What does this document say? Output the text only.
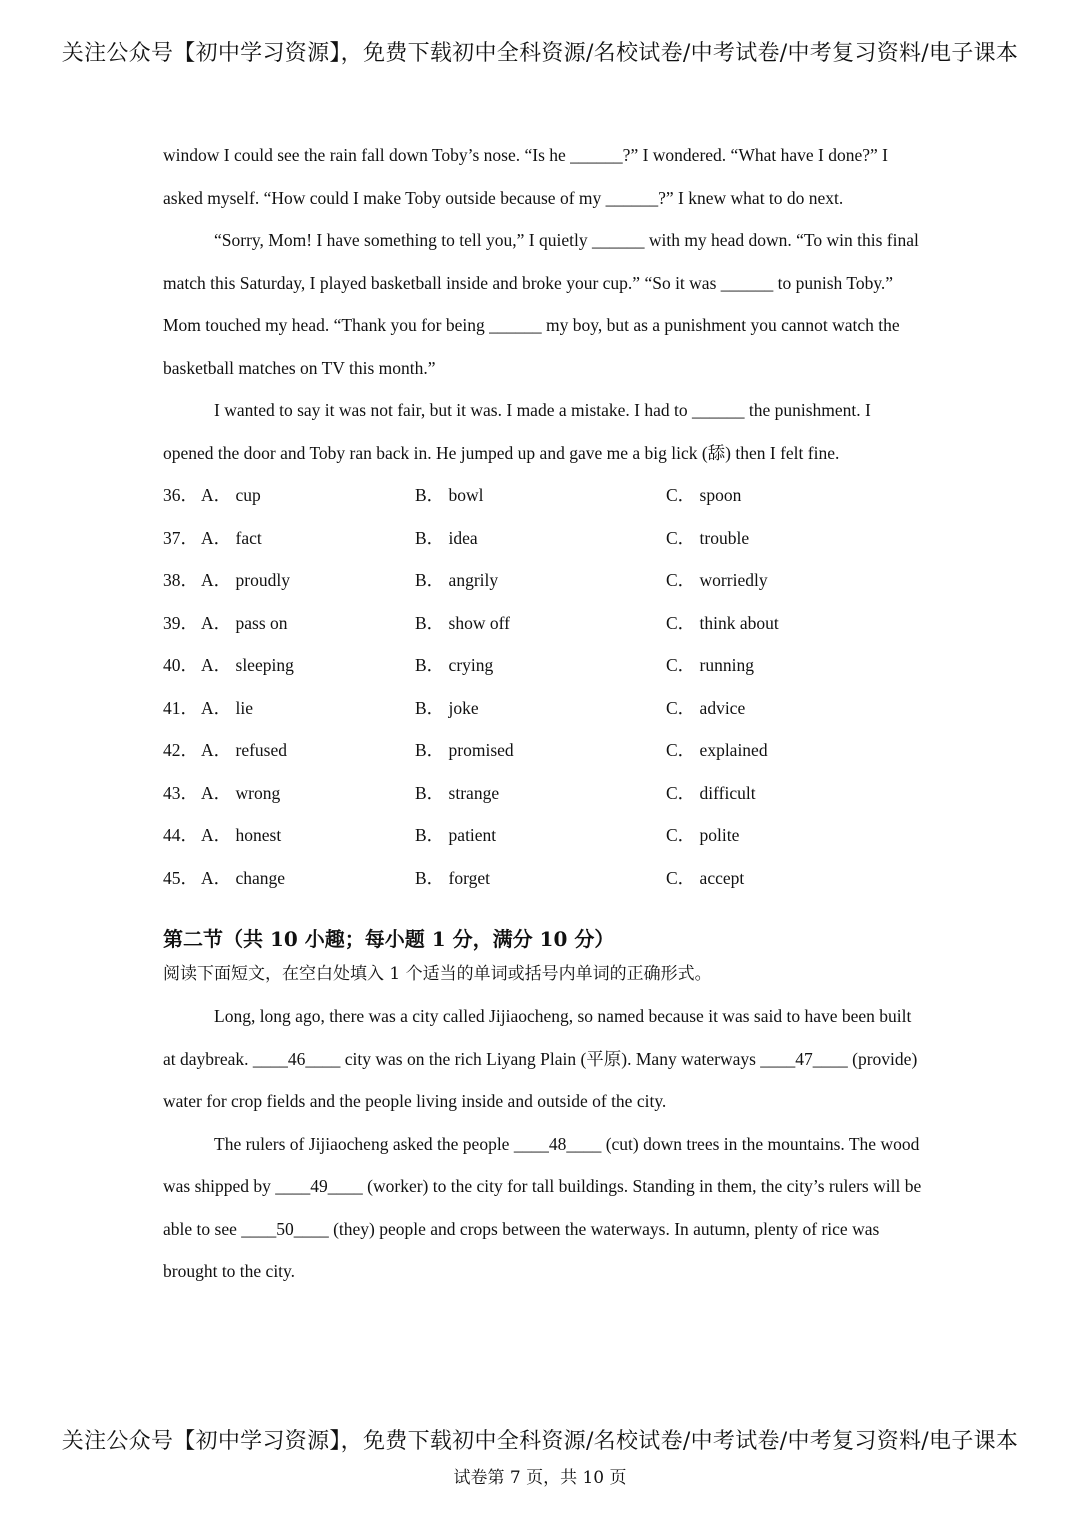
关注公众号【初中学习资源】，免费下载初中全科资源/名校试卷/中考试卷/中考复习资料/电子课本

window I could see the rain fall down Toby’s nose. “Is he ______?” I wondered. “What have I done?” I asked myself. “How could I make Toby outside because of my ______?” I knew what to do next.

“Sorry, Mom! I have something to tell you,” I quietly ______ with my head down. “To win this final match this Saturday, I played basketball inside and broke your cup.” “So it was ______ to punish Toby.” Mom touched my head. “Thank you for being ______ my boy, but as a punishment you cannot watch the basketball matches on TV this month.”

I wanted to say it was not fair, but it was. I made a mistake. I had to ______ the punishment. I opened the door and Toby ran back in. He jumped up and gave me a big lick (舔) then I felt fine.

36． A． cup	B． bowl	C． spoon
37． A． fact	B． idea	C． trouble
38． A． proudly	B． angrily	C． worriedly
39． A． pass on	B． show off	C． think about
40． A． sleeping	B． crying	C． running
41． A． lie	B． joke	C． advice
42． A． refused	B． promised	C． explained
43． A． wrong	B． strange	C． difficult
44． A． honest	B． patient	C． polite
45． A． change	B． forget	C． accept
第二节（共 10 小趣；每小题 1 分，满分 10 分）
阅读下面短文，在空白处填入 1 个适当的单词或括号内单词的正确形式。

Long, long ago, there was a city called Jijiaocheng, so named because it was said to have been built at daybreak. ____46____ city was on the rich Liyang Plain (平原). Many waterways ____47____ (provide) water for crop fields and the people living inside and outside of the city.

The rulers of Jijiaocheng asked the people ____48____ (cut) down trees in the mountains. The wood was shipped by ____49____ (worker) to the city for tall buildings. Standing in them, the city’s rulers will be able to see ____50____ (they) people and crops between the waterways. In autumn, plenty of rice was brought to the city.

关注公众号【初中学习资源】，免费下载初中全科资源/名校试卷/中考试卷/中考复习资料/电子课本
试卷第 7 页，共 10 页
